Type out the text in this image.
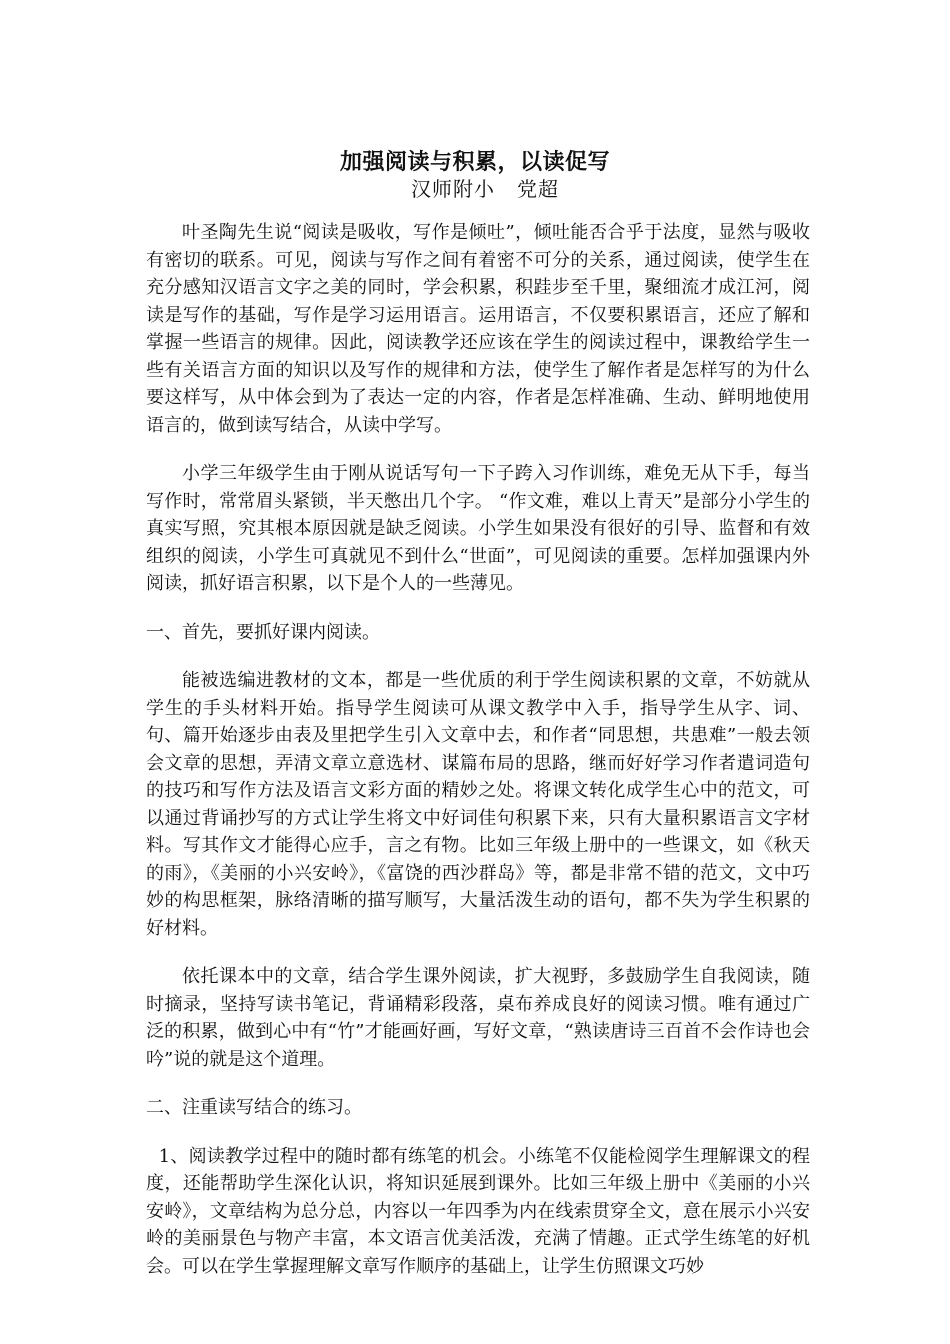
加强阅读与积累，以读促写

汉师附小 党超

叶圣陶先生说“阅读是吸收，写作是倾吐”，倾吐能否合乎于法度，显然与吸收有密切的联系。可见，阅读与写作之间有着密不可分的关系，通过阅读，使学生在充分感知汉语言文字之美的同时，学会积累，积跬步至千里，聚细流才成江河，阅读是写作的基础，写作是学习运用语言。运用语言，不仅要积累语言，还应了解和掌握一些语言的规律。因此，阅读教学还应该在学生的阅读过程中，课教给学生一些有关语言方面的知识以及写作的规律和方法，使学生了解作者是怎样写的为什么要这样写，从中体会到为了表达一定的内容，作者是怎样准确、生动、鲜明地使用语言的，做到读写结合，从读中学写。

小学三年级学生由于刚从说话写句一下子跨入习作训练，难免无从下手，每当写作时，常常眉头紧锁，半天憋出几个字。 “作文难，难以上青天”是部分小学生的真实写照，究其根本原因就是缺乏阅读。小学生如果没有很好的引导、监督和有效组织的阅读，小学生可真就见不到什么“世面”，可见阅读的重要。怎样加强课内外阅读，抓好语言积累，以下是个人的一些薄见。

一、首先，要抓好课内阅读。

能被选编进教材的文本，都是一些优质的利于学生阅读积累的文章，不妨就从学生的手头材料开始。指导学生阅读可从课文教学中入手，指导学生从字、词、句、篇开始逐步由表及里把学生引入文章中去，和作者“同思想，共患难”一般去领会文章的思想，弄清文章立意选材、谋篇布局的思路，继而好好学习作者遣词造句的技巧和写作方法及语言文彩方面的精妙之处。将课文转化成学生心中的范文，可以通过背诵抄写的方式让学生将文中好词佳句积累下来，只有大量积累语言文字材料。写其作文才能得心应手，言之有物。比如三年级上册中的一些课文，如《秋天的雨》，《美丽的小兴安岭》，《富饶的西沙群岛》等，都是非常不错的范文，文中巧妙的构思框架，脉络清晰的描写顺写，大量活泼生动的语句，都不失为学生积累的好材料。

依托课本中的文章，结合学生课外阅读，扩大视野，多鼓励学生自我阅读，随时摘录，坚持写读书笔记，背诵精彩段落，桌布养成良好的阅读习惯。唯有通过广泛的积累，做到心中有“竹”才能画好画，写好文章，“熟读唐诗三百首不会作诗也会吟”说的就是这个道理。

二、注重读写结合的练习。

1、阅读教学过程中的随时都有练笔的机会。小练笔不仅能检阅学生理解课文的程度，还能帮助学生深化认识，将知识延展到课外。比如三年级上册中《美丽的小兴安岭》，文章结构为总分总，内容以一年四季为内在线索贯穿全文，意在展示小兴安岭的美丽景色与物产丰富，本文语言优美活泼，充满了情趣。正式学生练笔的好机会。可以在学生掌握理解文章写作顺序的基础上，让学生仿照课文巧妙
